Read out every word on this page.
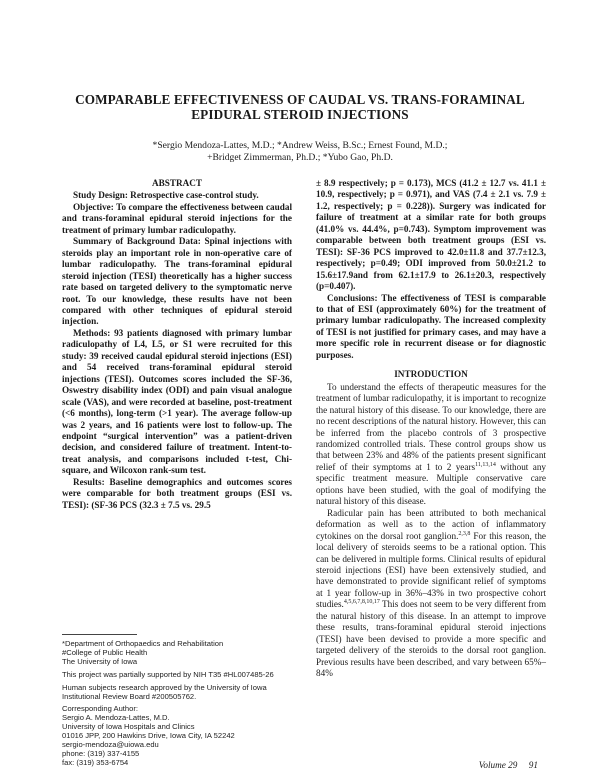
COMPARABLE EFFECTIVENESS OF CAUDAL VS. TRANS-FORAMINAL EPIDURAL STEROID INJECTIONS
*Sergio Mendoza-Lattes, M.D.; *Andrew Weiss, B.Sc.; Ernest Found, M.D.;
+Bridget Zimmerman, Ph.D.; *Yubo Gao, Ph.D.
ABSTRACT

Study Design: Retrospective case-control study.

Objective: To compare the effectiveness between caudal and trans-foraminal epidural steroid injections for the treatment of primary lumbar radiculopathy.

Summary of Background Data: Spinal injections with steroids play an important role in non-operative care of lumbar radiculopathy. The trans-foraminal epidural steroid injection (TESI) theoretically has a higher success rate based on targeted delivery to the symptomatic nerve root. To our knowledge, these results have not been compared with other techniques of epidural steroid injection.

Methods: 93 patients diagnosed with primary lumbar radiculopathy of L4, L5, or S1 were recruited for this study: 39 received caudal epidural steroid injections (ESI) and 54 received trans-foraminal epidural steroid injections (TESI). Outcomes scores included the SF-36, Oswestry disability index (ODI) and pain visual analogue scale (VAS), and were recorded at baseline, post-treatment (<6 months), long-term (>1 year). The average follow-up was 2 years, and 16 patients were lost to follow-up. The endpoint “surgical intervention” was a patient-driven decision, and considered failure of treatment. Intent-to-treat analysis, and comparisons included t-test, Chi-square, and Wilcoxon rank-sum test.

Results: Baseline demographics and outcomes scores were comparable for both treatment groups (ESI vs. TESI): (SF-36 PCS (32.3 ± 7.5 vs. 29.5

*Department of Orthopaedics and Rehabilitation
#College of Public Health
The University of Iowa
This project was partially supported by NIH T35 #HL007485-26
Human subjects research approved by the University of Iowa Institutional Review Board #200505762.
Corresponding Author:
Sergio A. Mendoza-Lattes, M.D.
University of Iowa Hospitals and Clinics
01016 JPP, 200 Hawkins Drive, Iowa City, IA 52242
sergio-mendoza@uiowa.edu
phone: (319) 337-4155
fax: (319) 353-6754

± 8.9 respectively; p = 0.173), MCS (41.2 ± 12.7 vs. 41.1 ± 10.9, respectively; p = 0.971), and VAS (7.4 ± 2.1 vs. 7.9 ± 1.2, respectively; p = 0.228)). Surgery was indicated for failure of treatment at a similar rate for both groups (41.0% vs. 44.4%, p=0.743). Symptom improvement was comparable between both treatment groups (ESI vs. TESI): SF-36 PCS improved to 42.0±11.8 and 37.7±12.3, respectively; p=0.49; ODI improved from 50.0±21.2 to 15.6±17.9and from 62.1±17.9 to 26.1±20.3, respectively (p=0.407).

Conclusions: The effectiveness of TESI is comparable to that of ESI (approximately 60%) for the treatment of primary lumbar radiculopathy. The increased complexity of TESI is not justified for primary cases, and may have a more specific role in recurrent disease or for diagnostic purposes.

INTRODUCTION

To understand the effects of therapeutic measures for the treatment of lumbar radiculopathy, it is important to recognize the natural history of this disease. To our knowledge, there are no recent descriptions of the natural history. However, this can be inferred from the placebo controls of 3 prospective randomized controlled trials. These control groups show us that between 23% and 48% of the patients present significant relief of their symptoms at 1 to 2 years$^{11,13,14}$ without any specific treatment measure. Multiple conservative care options have been studied, with the goal of modifying the natural history of this disease.

Radicular pain has been attributed to both mechanical deformation as well as to the action of inflammatory cytokines on the dorsal root ganglion.$^{2,3,8}$ For this reason, the local delivery of steroids seems to be a rational option. This can be delivered in multiple forms. Clinical results of epidural steroid injections (ESI) have been extensively studied, and have demonstrated to provide significant relief of symptoms at 1 year follow-up in 36%–43% in two prospective cohort studies.$^{4,5,6,7,8,10,17}$ This does not seem to be very different from the natural history of this disease. In an attempt to improve these results, trans-foraminal epidural steroid injections (TESI) have been devised to provide a more specific and targeted delivery of the steroids to the dorsal root ganglion. Previous results have been described, and vary between 65%–84%

Volume 29     91
